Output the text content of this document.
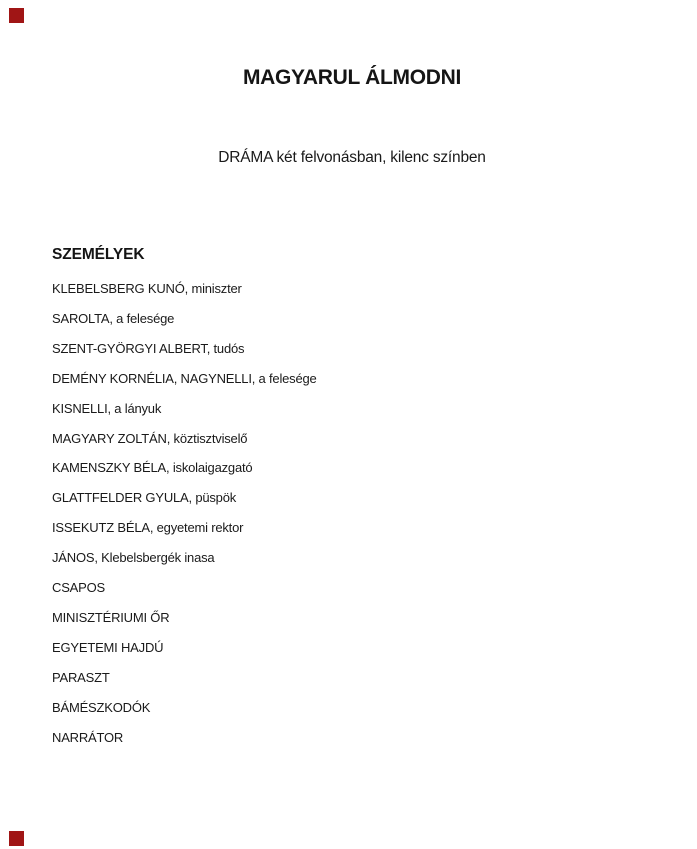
MAGYARUL ÁLMODNI

DRÁMA két felvonásban, kilenc színben

SZEMÉLYEK
KLEBELSBERG KUNÓ, miniszter
SAROLTA, a felesége
SZENT-GYÖRGYI ALBERT, tudós
DEMÉNY KORNÉLIA, NAGYNELLI, a felesége
KISNELLI, a lányuk
MAGYARY ZOLTÁN, köztisztviselő
KAMENSZKY BÉLA, iskolaigazgató
GLATTFELDER GYULA, püspök
ISSEKUTZ BÉLA, egyetemi rektor
JÁNOS, Klebelsbergék inasa
CSAPOS
MINISZTÉRIUMI ŐR
EGYETEMI HAJDÚ
PARASZT
BÁMÉSZKODÓK
NARRÁTOR
